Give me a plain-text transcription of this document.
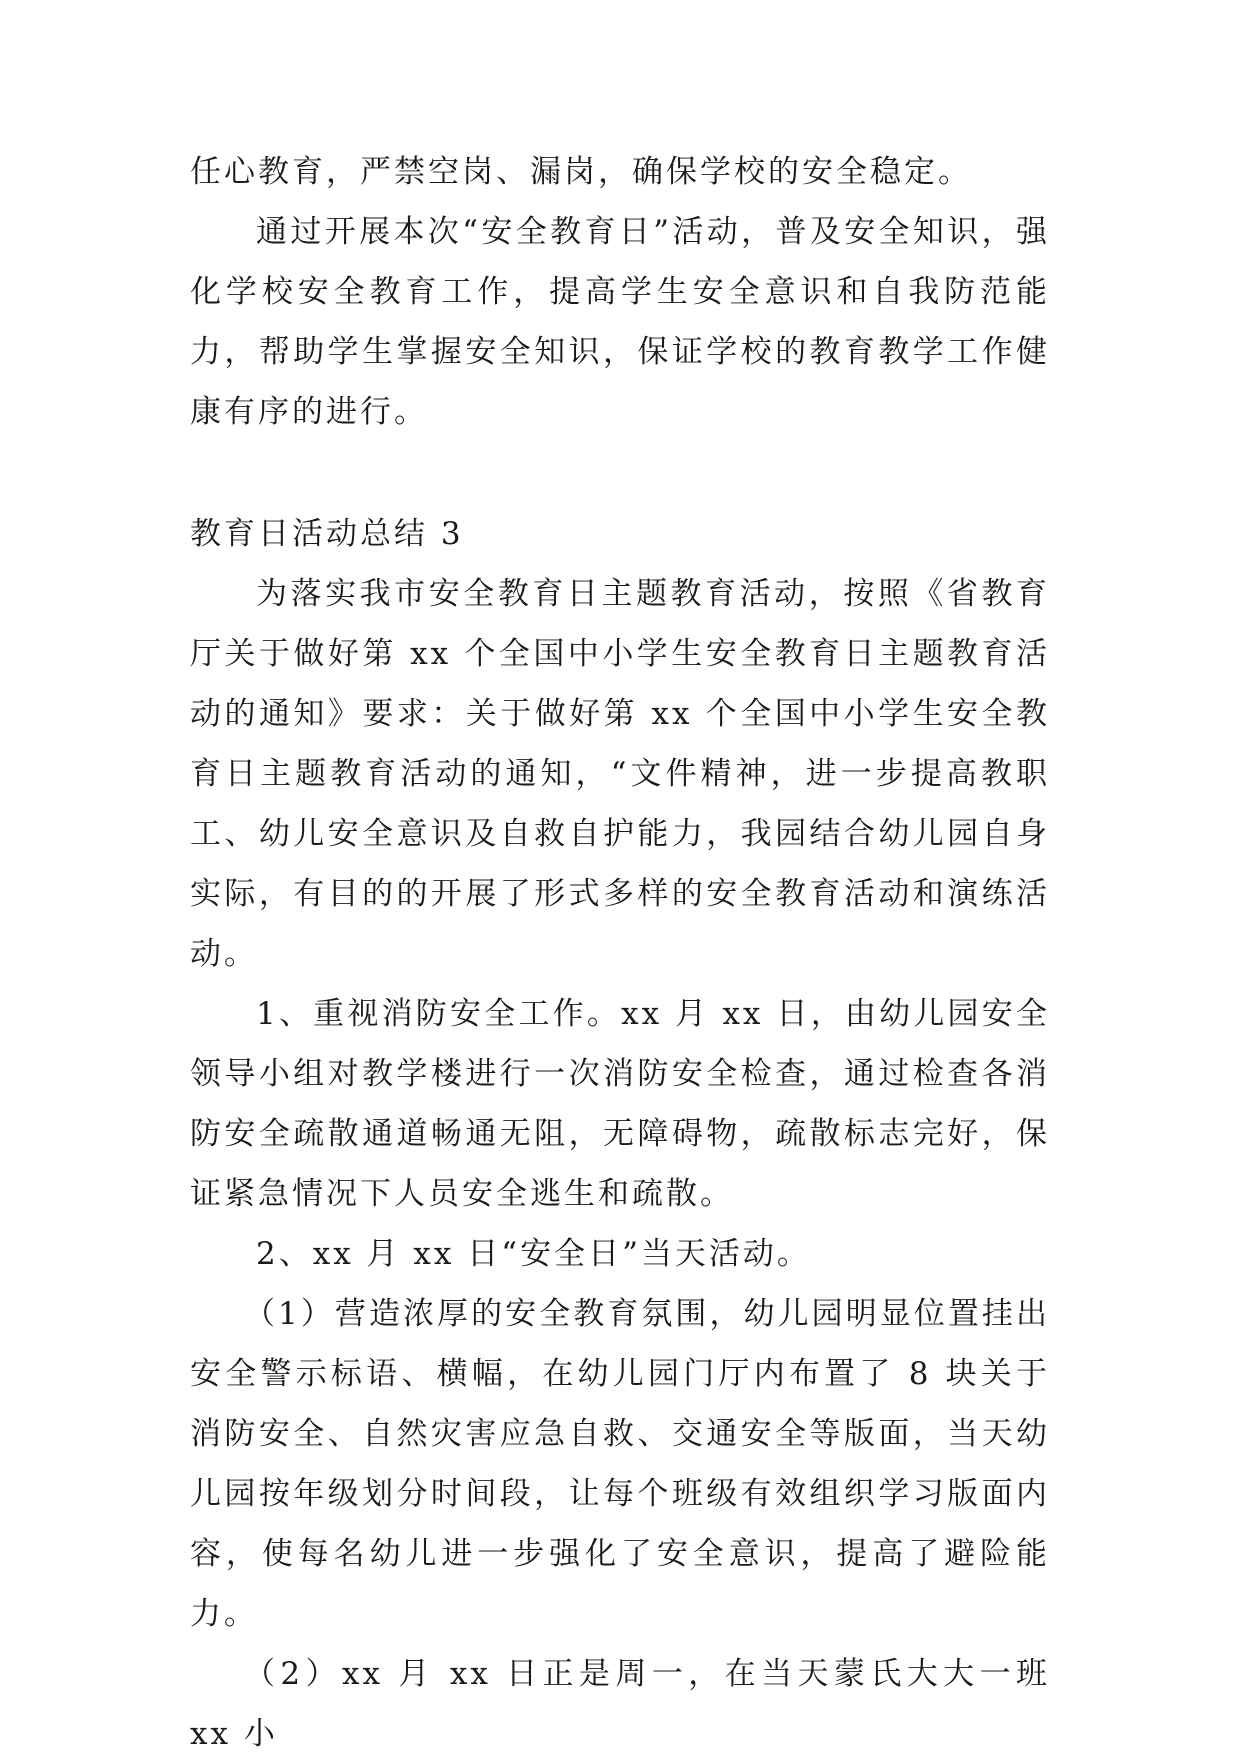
任心教育，严禁空岗、漏岗，确保学校的安全稳定。

通过开展本次“安全教育日”活动，普及安全知识，强化学校安全教育工作，提高学生安全意识和自我防范能力，帮助学生掌握安全知识，保证学校的教育教学工作健康有序的进行。

教育日活动总结 3

为落实我市安全教育日主题教育活动，按照《省教育厅关于做好第 xx 个全国中小学生安全教育日主题教育活动的通知》要求：关于做好第 xx 个全国中小学生安全教育日主题教育活动的通知，“文件精神，进一步提高教职工、幼儿安全意识及自救自护能力，我园结合幼儿园自身实际，有目的的开展了形式多样的安全教育活动和演练活动。

1、重视消防安全工作。xx 月 xx 日，由幼儿园安全领导小组对教学楼进行一次消防安全检查，通过检查各消防安全疏散通道畅通无阻，无障碍物，疏散标志完好，保证紧急情况下人员安全逃生和疏散。

2、xx 月 xx 日“安全日”当天活动。

（1）营造浓厚的安全教育氛围，幼儿园明显位置挂出安全警示标语、横幅，在幼儿园门厅内布置了 8 块关于消防安全、自然灾害应急自救、交通安全等版面，当天幼儿园按年级划分时间段，让每个班级有效组织学习版面内容，使每名幼儿进一步强化了安全意识，提高了避险能力。

（2）xx 月 xx 日正是周一，在当天蒙氏大大一班 xx 小
